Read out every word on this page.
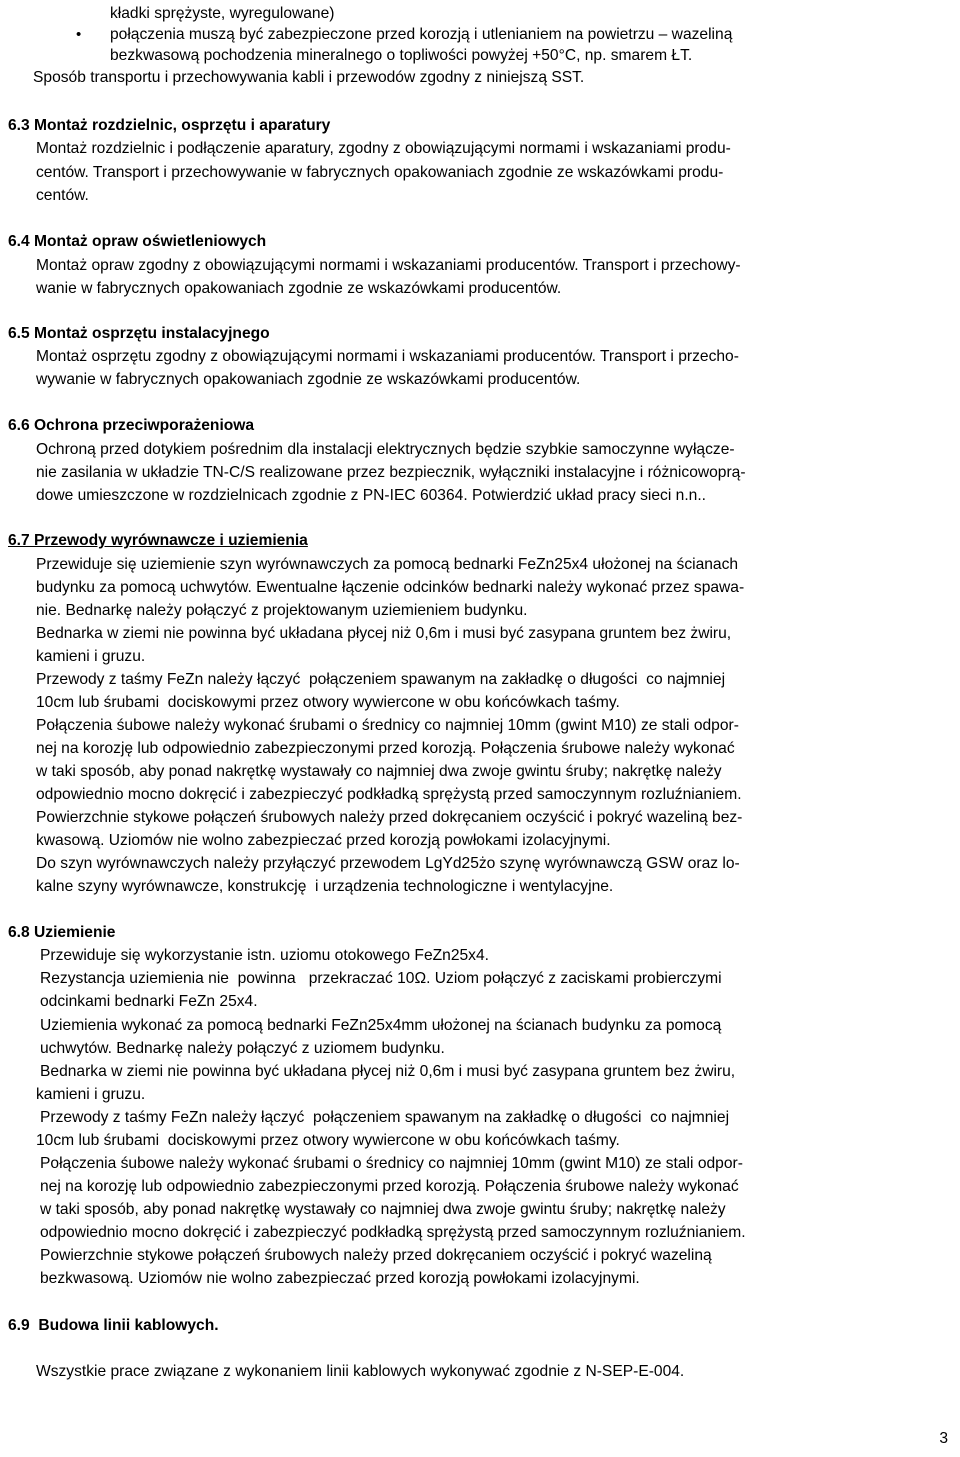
kładki sprężyste, wyregulowane)
• połączenia muszą być zabezpieczone przed korozją i utlenianiem na powietrzu – wazeliną
bezkwasową pochodzenia mineralnego o topliwości powyżej +50°C, np. smarem ŁT.
Sposób transportu i przechowywania kabli i przewodów zgodny z niniejszą SST.
6.3 Montaż rozdzielnic, osprzętu i aparatury
Montaż rozdzielnic i podłączenie aparatury, zgodny z obowiązującymi normami i wskazaniami produ-
centów. Transport i przechowywanie w fabrycznych opakowaniach zgodnie ze wskazówkami produ-
centów.
6.4 Montaż opraw oświetleniowych
Montaż opraw zgodny z obowiązującymi normami i wskazaniami producentów. Transport i przechowy-
wanie w fabrycznych opakowaniach zgodnie ze wskazówkami producentów.
6.5 Montaż osprzętu instalacyjnego
Montaż osprzętu zgodny z obowiązującymi normami i wskazaniami producentów. Transport i przecho-
wywanie w fabrycznych opakowaniach zgodnie ze wskazówkami producentów.
6.6 Ochrona przeciwporażeniowa
Ochroną przed dotykiem pośrednim dla instalacji elektrycznych będzie szybkie samoczynne wyłącze-
nie zasilania w układzie TN-C/S realizowane przez bezpiecznik, wyłączniki instalacyjne i różnicowoprą-
dowe umieszczone w rozdzielnicach zgodnie z PN-IEC 60364. Potwierdzić układ pracy sieci n.n..
6.7 Przewody wyrównawcze i uziemienia
Przewiduje się uziemienie szyn wyrównawczych za pomocą bednarki FeZn25x4 ułożonej na ścianach
budynku za pomocą uchwytów. Ewentualne łączenie odcinków bednarki należy wykonać przez spawa-
nie. Bednarkę należy połączyć z projektowanym uziemieniem budynku.
Bednarka w ziemi nie powinna być układana płycej niż 0,6m i musi być zasypana gruntem bez żwiru,
kamieni i gruzu.
Przewody z taśmy FeZn należy łączyć  połączeniem spawanym na zakładkę o długości  co najmniej
10cm lub śrubami  dociskowymi przez otwory wywiercone w obu końcówkach taśmy.
Połączenia śubowe należy wykonać śrubami o średnicy co najmniej 10mm (gwint M10) ze stali odpor-
nej na korozję lub odpowiednio zabezpieczonymi przed korozją. Połączenia śrubowe należy wykonać
w taki sposób, aby ponad nakrętkę wystawały co najmniej dwa zwoje gwintu śruby; nakrętkę należy
odpowiednio mocno dokręcić i zabezpieczyć podkładką sprężystą przed samoczynnym rozluźnianiem.
Powierzchnie stykowe połączeń śrubowych należy przed dokręcaniem oczyścić i pokryć wazeliną bez-
kwasową. Uziomów nie wolno zabezpieczać przed korozją powłokami izolacyjnymi.
Do szyn wyrównawczych należy przyłączyć przewodem LgYd25żo szynę wyrównawczą GSW oraz lo-
kalne szyny wyrównawcze, konstrukcję  i urządzenia technologiczne i wentylacyjne.
6.8 Uziemienie
Przewiduje się wykorzystanie istn. uziomu otokowego FeZn25x4.
Rezystancja uziemienia nie  powinna   przekraczać 10Ω. Uziom połączyć z zaciskami probierczymi
odcinkami bednarki FeZn 25x4.
Uziemienia wykonać za pomocą bednarki FeZn25x4mm ułożonej na ścianach budynku za pomocą
uchwytów. Bednarkę należy połączyć z uziomem budynku.
Bednarka w ziemi nie powinna być układana płycej niż 0,6m i musi być zasypana gruntem bez żwiru,
kamieni i gruzu.
Przewody z taśmy FeZn należy łączyć  połączeniem spawanym na zakładkę o długości  co najmniej
10cm lub śrubami  dociskowymi przez otwory wywiercone w obu końcówkach taśmy.
Połączenia śubowe należy wykonać śrubami o średnicy co najmniej 10mm (gwint M10) ze stali odpor-
nej na korozję lub odpowiednio zabezpieczonymi przed korozją. Połączenia śrubowe należy wykonać
w taki sposób, aby ponad nakrętkę wystawały co najmniej dwa zwoje gwintu śruby; nakrętkę należy
odpowiednio mocno dokręcić i zabezpieczyć podkładką sprężystą przed samoczynnym rozluźnianiem.
Powierzchnie stykowe połączeń śrubowych należy przed dokręcaniem oczyścić i pokryć wazeliną
bezkwasową. Uziomów nie wolno zabezpieczać przed korozją powłokami izolacyjnymi.
6.9  Budowa linii kablowych.
Wszystkie prace związane z wykonaniem linii kablowych wykonywać zgodnie z N-SEP-E-004.
3
